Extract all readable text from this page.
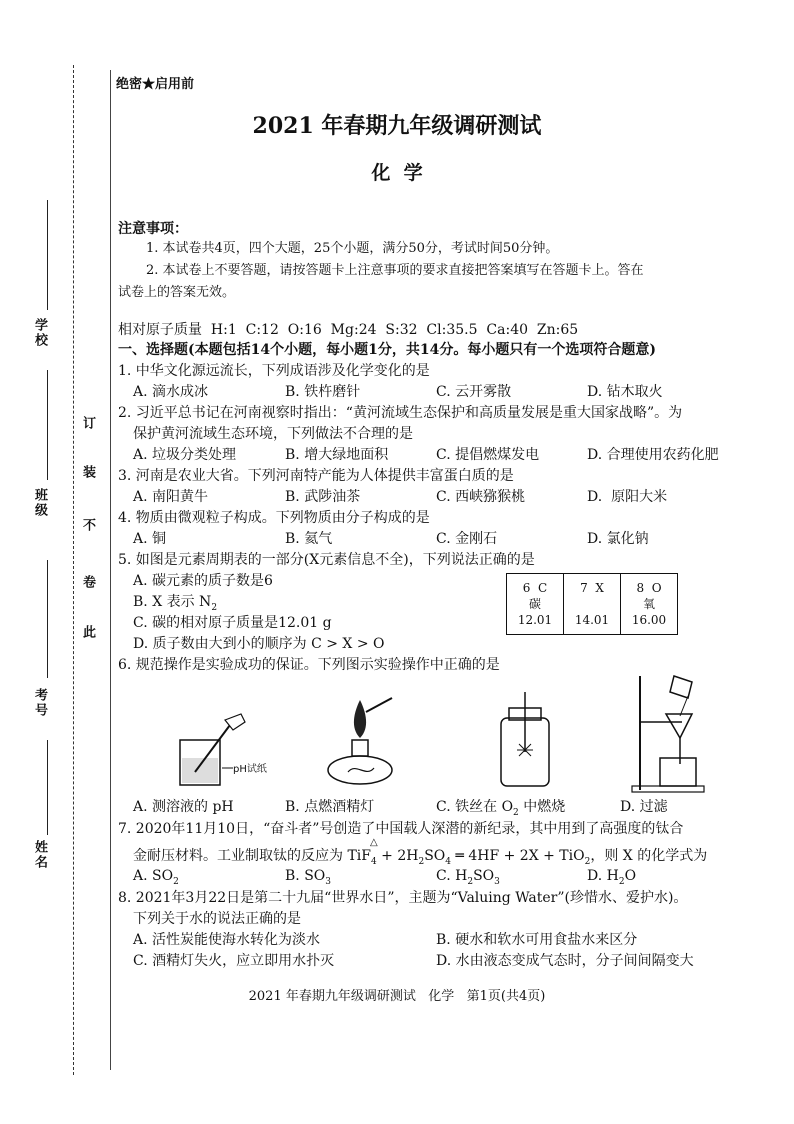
学校
班级
考号
姓名
订
装
不
卷
此
绝密★启用前
2021 年春期九年级调研测试
化  学
注意事项：
1. 本试卷共4页，四个大题，25个小题，满分50分，考试时间50分钟。
2. 本试卷上不要答题，请按答题卡上注意事项的要求直接把答案填写在答题卡上。答在
试卷上的答案无效。
相对原子质量  H:1  C:12  O:16  Mg:24  S:32  Cl:35.5  Ca:40  Zn:65
一、选择题(本题包括14个小题，每小题1分，共14分。每小题只有一个选项符合题意)
1. 中华文化源远流长，下列成语涉及化学变化的是
A. 滴水成冰	B. 铁杵磨针	C. 云开雾散	D. 钻木取火
2. 习近平总书记在河南视察时指出：“黄河流域生态保护和高质量发展是重大国家战略”。为
保护黄河流域生态环境，下列做法不合理的是
A. 垃圾分类处理	B. 增大绿地面积	C. 提倡燃煤发电	D. 合理使用农药化肥
3. 河南是农业大省。下列河南特产能为人体提供丰富蛋白质的是
A. 南阳黄牛	B. 武陟油茶	C. 西峡猕猴桃	D.  原阳大米
4. 物质由微观粒子构成。下列物质由分子构成的是
A. 铜	B. 氦气	C. 金刚石	D. 氯化钠
5. 如图是元素周期表的一部分(X元素信息不全)，下列说法正确的是
A. 碳元素的质子数是6
B. X 表示 $N_2$
C. 碳的相对原子质量是12.01 g
D. 质子数由大到小的顺序为 C > X > O
6  C
碳
12.01

7  X
14.01

8  O
氧
16.00
6. 规范操作是实验成功的保证。下列图示实验操作中正确的是
pH试纸
A. 测溶液的 pH	B. 点燃酒精灯	C. 铁丝在 $O_2$ 中燃烧	D. 过滤
7. 2020年11月10日，“奋斗者”号创造了中国载人深潜的新纪录，其中用到了高强度的钛合
金耐压材料。工业制取钛的反应为 $TiF_4 + 2H_2SO_4$ ═ 4HF + 2X + TiO$_2$，则 X 的化学式为
△
A. $SO_2$	B. $SO_3$	C. $H_2SO_3$	D. $H_2O$
8. 2021年3月22日是第二十九届“世界水日”，主题为“Valuing Water”(珍惜水、爱护水)。
下列关于水的说法正确的是
A. 活性炭能使海水转化为淡水	B. 硬水和软水可用食盐水来区分
C. 酒精灯失火，应立即用水扑灭	D. 水由液态变成气态时，分子间间隔变大
2021 年春期九年级调研测试   化学   第1页(共4页)
